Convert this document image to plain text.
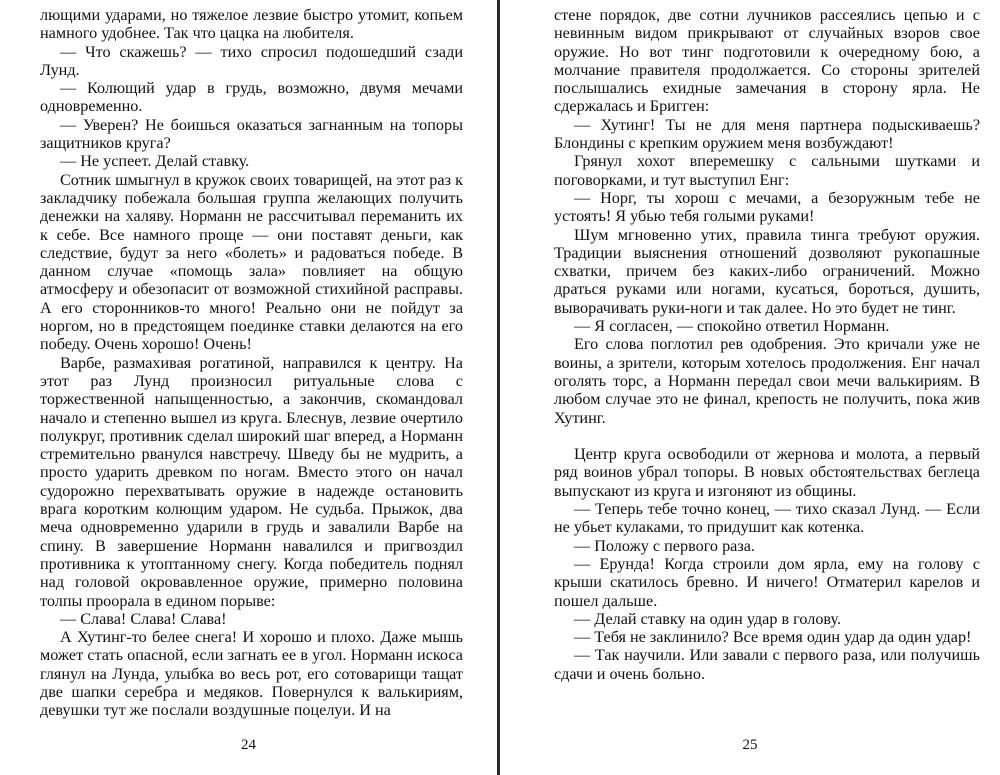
лющими ударами, но тяжелое лезвие быстро утомит, копьем намного удобнее. Так что цацка на любителя.

— Что скажешь? — тихо спросил подошедший сзади Лунд.

— Колющий удар в грудь, возможно, двумя мечами одновременно.

— Уверен? Не боишься оказаться загнанным на топоры защитников круга?

— Не успеет. Делай ставку.

Сотник шмыгнул в кружок своих товарищей, на этот раз к закладчику побежала большая группа желающих получить денежки на халяву. Норманн не рассчитывал переманить их к себе. Все намного проще — они поставят деньги, как следствие, будут за него «болеть» и радоваться победе. В данном случае «помощь зала» повлияет на общую атмосферу и обезопасит от возможной стихийной расправы. А его сторонников-то много! Реально они не пойдут за норгом, но в предстоящем поединке ставки делаются на его победу. Очень хорошо! Очень!

Варбе, размахивая рогатиной, направился к центру. На этот раз Лунд произносил ритуальные слова с торжественной напыщенностью, а закончив, скомандовал начало и степенно вышел из круга. Блеснув, лезвие очертило полукруг, противник сделал широкий шаг вперед, а Норманн стремительно рванулся навстречу. Шведу бы не мудрить, а просто ударить древком по ногам. Вместо этого он начал судорожно перехватывать оружие в надежде остановить врага коротким колющим ударом. Не судьба. Прыжок, два меча одновременно ударили в грудь и завалили Варбе на спину. В завершение Норманн навалился и пригвоздил противника к утоптанному снегу. Когда победитель поднял над головой окровавленное оружие, примерно половина толпы проорала в едином порыве:

— Слава! Слава! Слава!

А Хутинг-то белее снега! И хорошо и плохо. Даже мышь может стать опасной, если загнать ее в угол. Норманн искоса глянул на Лунда, улыбка во весь рот, его сотоварищи тащат две шапки серебра и медяков. Повернулся к валькириям, девушки тут же послали воздушные поцелуи. И на

24

стене порядок, две сотни лучников рассеялись цепью и с невинным видом прикрывают от случайных взоров свое оружие. Но вот тинг подготовили к очередному бою, а молчание правителя продолжается. Со стороны зрителей послышались ехидные замечания в сторону ярла. Не сдержалась и Бригген:

— Хутинг! Ты не для меня партнера подыскиваешь? Блондины с крепким оружием меня возбуждают!

Грянул хохот вперемешку с сальными шутками и поговорками, и тут выступил Енг:

— Норг, ты хорош с мечами, а безоружным тебе не устоять! Я убью тебя голыми руками!

Шум мгновенно утих, правила тинга требуют оружия. Традиции выяснения отношений дозволяют рукопашные схватки, причем без каких-либо ограничений. Можно драться руками или ногами, кусаться, бороться, душить, выворачивать руки-ноги и так далее. Но это будет не тинг.

— Я согласен, — спокойно ответил Норманн.

Его слова поглотил рев одобрения. Это кричали уже не воины, а зрители, которым хотелось продолжения. Енг начал оголять торс, а Норманн передал свои мечи валькириям. В любом случае это не финал, крепость не получить, пока жив Хутинг.

Центр круга освободили от жернова и молота, а первый ряд воинов убрал топоры. В новых обстоятельствах беглеца выпускают из круга и изгоняют из общины.

— Теперь тебе точно конец, — тихо сказал Лунд. — Если не убьет кулаками, то придушит как котенка.

— Положу с первого раза.

— Ерунда! Когда строили дом ярла, ему на голову с крыши скатилось бревно. И ничего! Отматерил карелов и пошел дальше.

— Делай ставку на один удар в голову.

— Тебя не заклинило? Все время один удар да один удар!

— Так научили. Или завали с первого раза, или получишь сдачи и очень больно.

25
